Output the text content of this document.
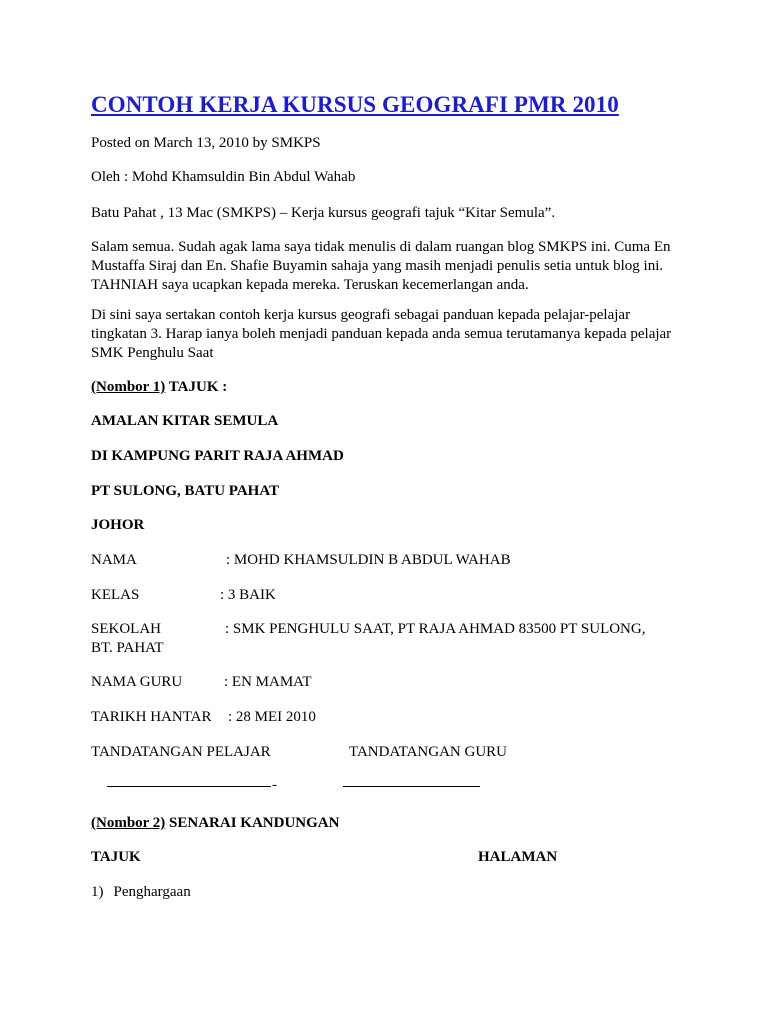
CONTOH KERJA KURSUS GEOGRAFI PMR 2010
Posted on March 13, 2010 by SMKPS
Oleh : Mohd Khamsuldin Bin Abdul Wahab
Batu Pahat , 13 Mac (SMKPS) – Kerja kursus geografi tajuk “Kitar Semula”.
Salam semua. Sudah agak lama saya tidak menulis di dalam ruangan blog SMKPS ini. Cuma En
Mustaffa Siraj dan En. Shafie Buyamin sahaja yang masih menjadi penulis setia untuk blog ini.
TAHNIAH saya ucapkan kepada mereka. Teruskan kecemerlangan anda.
Di sini saya sertakan contoh kerja kursus geografi sebagai panduan kepada pelajar-pelajar
tingkatan 3. Harap ianya boleh menjadi panduan kepada anda semua terutamanya kepada pelajar
SMK Penghulu Saat
(Nombor 1) TAJUK :
AMALAN KITAR SEMULA
DI KAMPUNG PARIT RAJA AHMAD
PT SULONG, BATU PAHAT
JOHOR
NAMA	: MOHD KHAMSULDIN B ABDUL WAHAB
KELAS	: 3 BAIK
SEKOLAH	: SMK PENGHULU SAAT, PT RAJA AHMAD 83500 PT SULONG,
BT. PAHAT
NAMA GURU	: EN MAMAT
TARIKH HANTAR : 28 MEI 2010
TANDATANGAN PELAJAR	TANDATANGAN GURU
-
(Nombor 2) SENARAI KANDUNGAN
TAJUK	HALAMAN
1) Penghargaan
